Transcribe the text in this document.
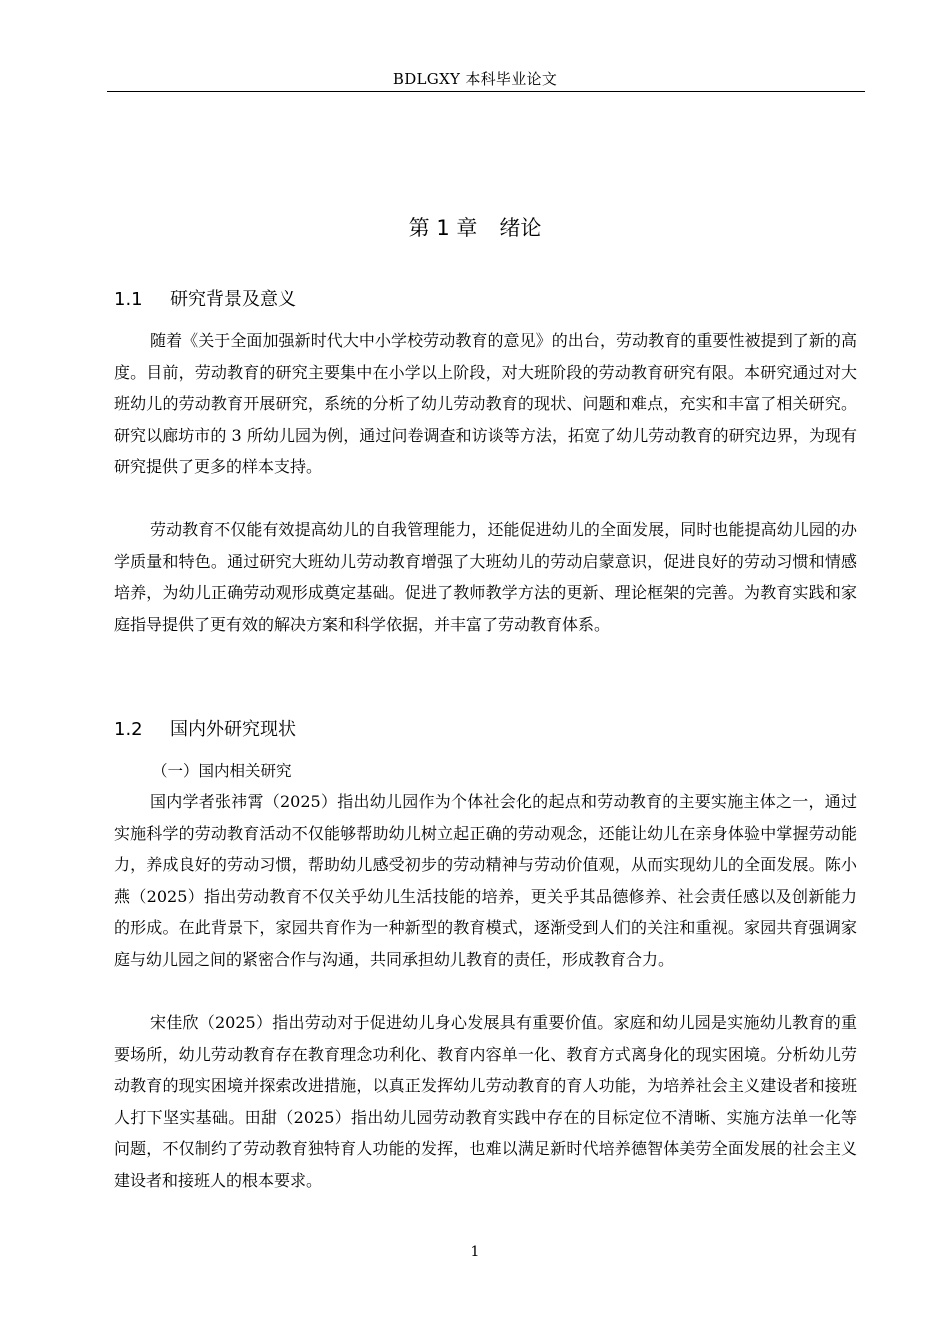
BDLGXY 本科毕业论文
第 1 章 绪论
1.1 研究背景及意义

随着《关于全面加强新时代大中小学校劳动教育的意见》的出台，劳动教育的重要性被提到了新的高度。目前，劳动教育的研究主要集中在小学以上阶段，对大班阶段的劳动教育研究有限。本研究通过对大班幼儿的劳动教育开展研究，系统的分析了幼儿劳动教育的现状、问题和难点，充实和丰富了相关研究。研究以廊坊市的 3 所幼儿园为例，通过问卷调查和访谈等方法，拓宽了幼儿劳动教育的研究边界，为现有研究提供了更多的样本支持。

劳动教育不仅能有效提高幼儿的自我管理能力，还能促进幼儿的全面发展，同时也能提高幼儿园的办学质量和特色。通过研究大班幼儿劳动教育增强了大班幼儿的劳动启蒙意识，促进良好的劳动习惯和情感培养，为幼儿正确劳动观形成奠定基础。促进了教师教学方法的更新、理论框架的完善。为教育实践和家庭指导提供了更有效的解决方案和科学依据，并丰富了劳动教育体系。

1.2 国内外研究现状
（一）国内相关研究

国内学者张祎霄（2025）指出幼儿园作为个体社会化的起点和劳动教育的主要实施主体之一，通过实施科学的劳动教育活动不仅能够帮助幼儿树立起正确的劳动观念，还能让幼儿在亲身体验中掌握劳动能力，养成良好的劳动习惯，帮助幼儿感受初步的劳动精神与劳动价值观，从而实现幼儿的全面发展。陈小燕（2025）指出劳动教育不仅关乎幼儿生活技能的培养，更关乎其品德修养、社会责任感以及创新能力的形成。在此背景下，家园共育作为一种新型的教育模式，逐渐受到人们的关注和重视。家园共育强调家庭与幼儿园之间的紧密合作与沟通，共同承担幼儿教育的责任，形成教育合力。

宋佳欣（2025）指出劳动对于促进幼儿身心发展具有重要价值。家庭和幼儿园是实施幼儿教育的重要场所，幼儿劳动教育存在教育理念功利化、教育内容单一化、教育方式离身化的现实困境。分析幼儿劳动教育的现实困境并探索改进措施，以真正发挥幼儿劳动教育的育人功能，为培养社会主义建设者和接班人打下坚实基础。田甜（2025）指出幼儿园劳动教育实践中存在的目标定位不清晰、实施方法单一化等问题，不仅制约了劳动教育独特育人功能的发挥，也难以满足新时代培养德智体美劳全面发展的社会主义建设者和接班人的根本要求。

1
